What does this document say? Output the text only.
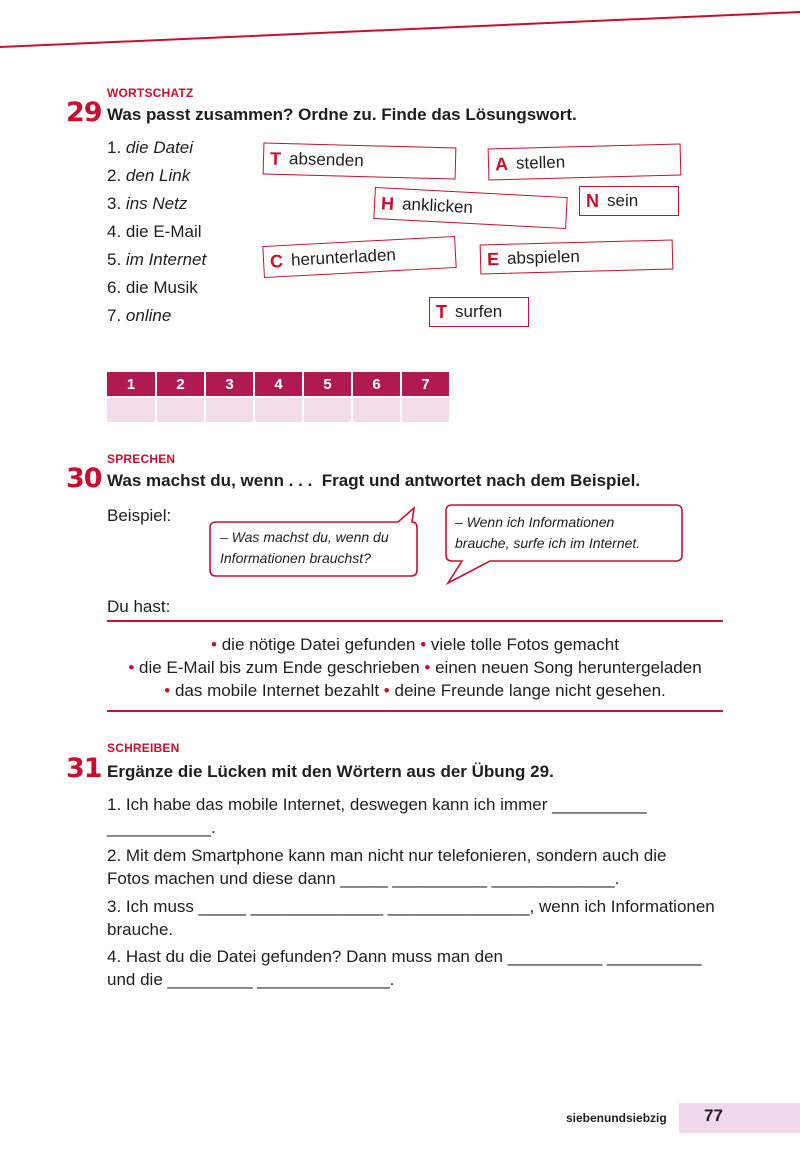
WORTSCHATZ
29 Was passt zusammen? Ordne zu. Finde das Lösungswort.
1. die Datei
2. den Link
3. ins Netz
4. die E-Mail
5. im Internet
6. die Musik
7. online
T absenden	A stellen
H anklicken	N sein
C herunterladen	E abspielen
T surfen
1	2	3	4	5	6	7

SPRECHEN
30 Was machst du, wenn . . . Fragt und antwortet nach dem Beispiel.
Beispiel:
– Was machst du, wenn du
Informationen brauchst?
– Wenn ich Informationen
brauche, surfe ich im Internet.
Du hast:
• die nötige Datei gefunden • viele tolle Fotos gemacht
• die E-Mail bis zum Ende geschrieben • einen neuen Song heruntergeladen
• das mobile Internet bezahlt • deine Freunde lange nicht gesehen.
SCHREIBEN
31 Ergänze die Lücken mit den Wörtern aus der Übung 29.
1. Ich habe das mobile Internet, deswegen kann ich immer __________
___________.
2. Mit dem Smartphone kann man nicht nur telefonieren, sondern auch die
Fotos machen und diese dann _____ __________ _____________.
3. Ich muss _____ ______________ _______________, wenn ich Informationen
brauche.
4. Hast du die Datei gefunden? Dann muss man den __________ __________
und die _________ ______________.
siebenundsiebzig 77
